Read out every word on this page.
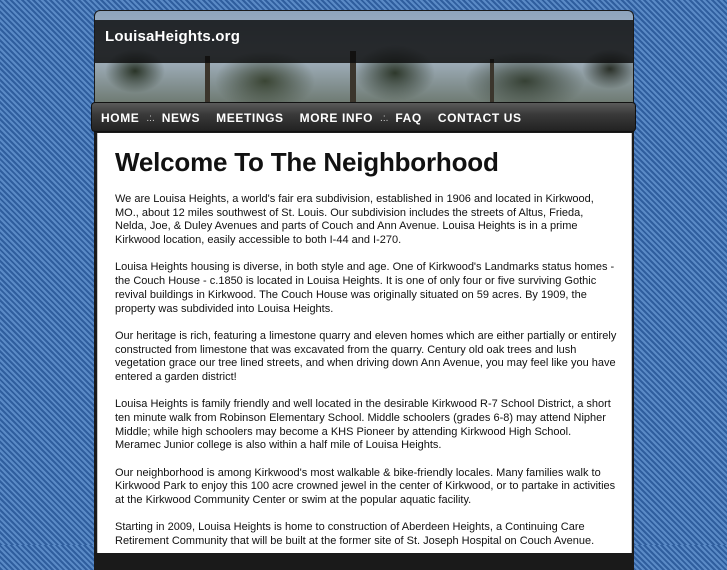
LouisaHeights.org
HOME .:. NEWS MEETINGS MORE INFO .:. FAQ CONTACT US
Welcome To The Neighborhood

We are Louisa Heights, a world's fair era subdivision, established in 1906 and located in Kirkwood, MO., about 12 miles southwest of St. Louis. Our subdivision includes the streets of Altus, Frieda, Nelda, Joe, & Duley Avenues and parts of Couch and Ann Avenue. Louisa Heights is in a prime Kirkwood location, easily accessible to both I-44 and I-270.

Louisa Heights housing is diverse, in both style and age. One of Kirkwood's Landmarks status homes - the Couch House - c.1850 is located in Louisa Heights. It is one of only four or five surviving Gothic revival buildings in Kirkwood. The Couch House was originally situated on 59 acres. By 1909, the property was subdivided into Louisa Heights.

Our heritage is rich, featuring a limestone quarry and eleven homes which are either partially or entirely constructed from limestone that was excavated from the quarry. Century old oak trees and lush vegetation grace our tree lined streets, and when driving down Ann Avenue, you may feel like you have entered a garden district!

Louisa Heights is family friendly and well located in the desirable Kirkwood R-7 School District, a short ten minute walk from Robinson Elementary School. Middle schoolers (grades 6-8) may attend Nipher Middle; while high schoolers may become a KHS Pioneer by attending Kirkwood High School. Meramec Junior college is also within a half mile of Louisa Heights.

Our neighborhood is among Kirkwood's most walkable & bike-friendly locales. Many families walk to Kirkwood Park to enjoy this 100 acre crowned jewel in the center of Kirkwood, or to partake in activities at the Kirkwood Community Center or swim at the popular aquatic facility.

Starting in 2009, Louisa Heights is home to construction of Aberdeen Heights, a Continuing Care Retirement Community that will be built at the former site of St. Joseph Hospital on Couch Avenue.
